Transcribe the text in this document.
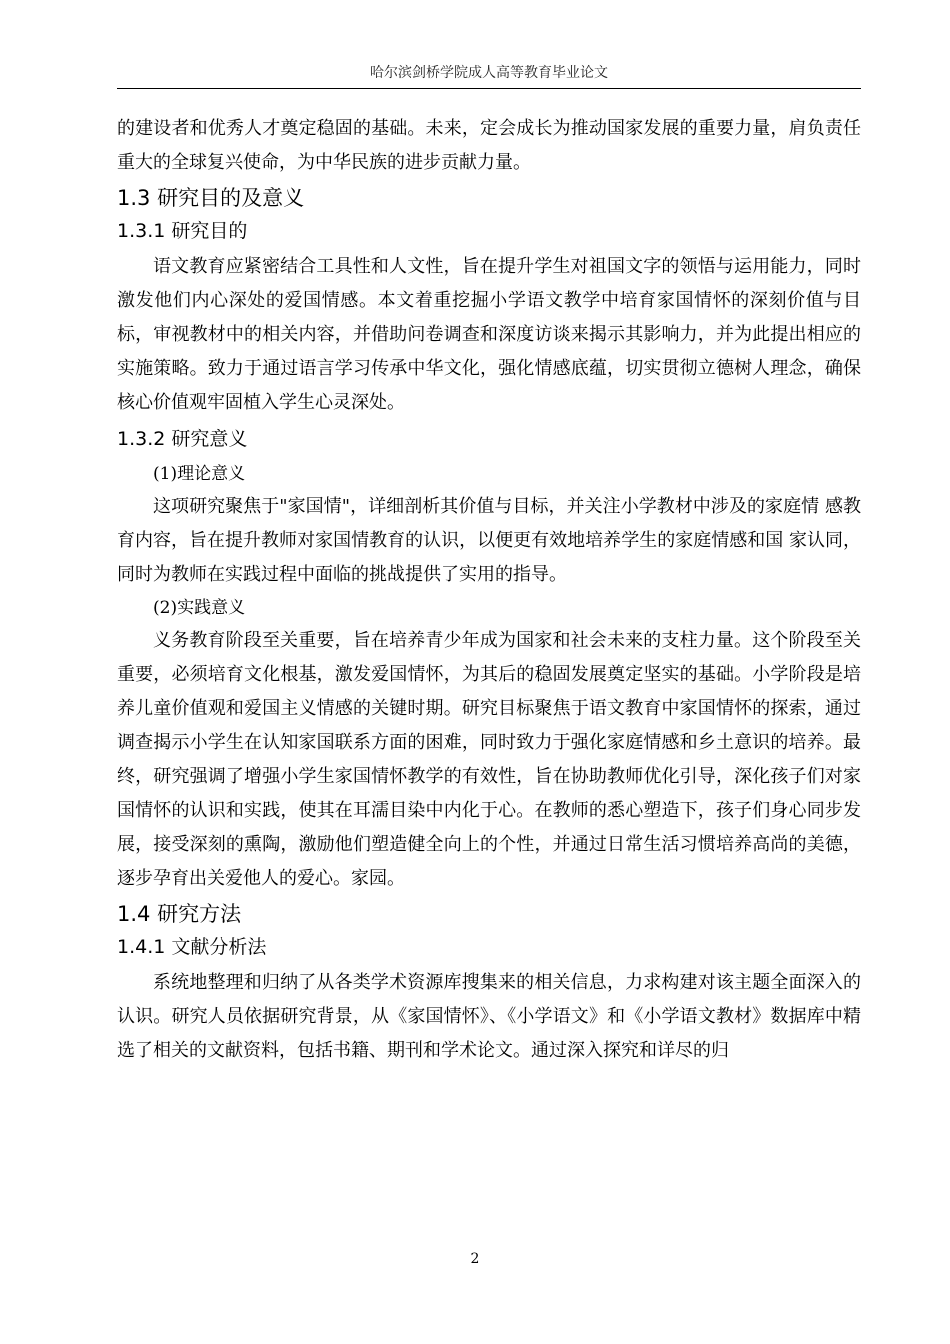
哈尔滨剑桥学院成人高等教育毕业论文

的建设者和优秀人才奠定稳固的基础。未来，定会成长为推动国家发展的重要力量，肩负责任重大的全球复兴使命，为中华民族的进步贡献力量。

1.3 研究目的及意义
1.3.1 研究目的

语文教育应紧密结合工具性和人文性，旨在提升学生对祖国文字的领悟与运用能力，同时激发他们内心深处的爱国情感。本文着重挖掘小学语文教学中培育家国情怀的深刻价值与目标，审视教材中的相关内容，并借助问卷调查和深度访谈来揭示其影响力，并为此提出相应的实施策略。致力于通过语言学习传承中华文化，强化情感底蕴，切实贯彻立德树人理念，确保核心价值观牢固植入学生心灵深处。

1.3.2 研究意义
(1)理论意义

这项研究聚焦于"家国情"，详细剖析其价值与目标，并关注小学教材中涉及的家庭情 感教育内容，旨在提升教师对家国情教育的认识，以便更有效地培养学生的家庭情感和国 家认同，同时为教师在实践过程中面临的挑战提供了实用的指导。

(2)实践意义

义务教育阶段至关重要，旨在培养青少年成为国家和社会未来的支柱力量。这个阶段至关重要，必须培育文化根基，激发爱国情怀，为其后的稳固发展奠定坚实的基础。小学阶段是培养儿童价值观和爱国主义情感的关键时期。研究目标聚焦于语文教育中家国情怀的探索，通过调查揭示小学生在认知家国联系方面的困难，同时致力于强化家庭情感和乡土意识的培养。最终，研究强调了增强小学生家国情怀教学的有效性，旨在协助教师优化引导，深化孩子们对家国情怀的认识和实践，使其在耳濡目染中内化于心。在教师的悉心塑造下，孩子们身心同步发展，接受深刻的熏陶，激励他们塑造健全向上的个性，并通过日常生活习惯培养高尚的美德，逐步孕育出关爱他人的爱心。家园。

1.4 研究方法
1.4.1 文献分析法

系统地整理和归纳了从各类学术资源库搜集来的相关信息，力求构建对该主题全面深入的认识。研究人员依据研究背景，从《家国情怀》、《小学语文》和《小学语文教材》数据库中精选了相关的文献资料，包括书籍、期刊和学术论文。通过深入探究和详尽的归

2
